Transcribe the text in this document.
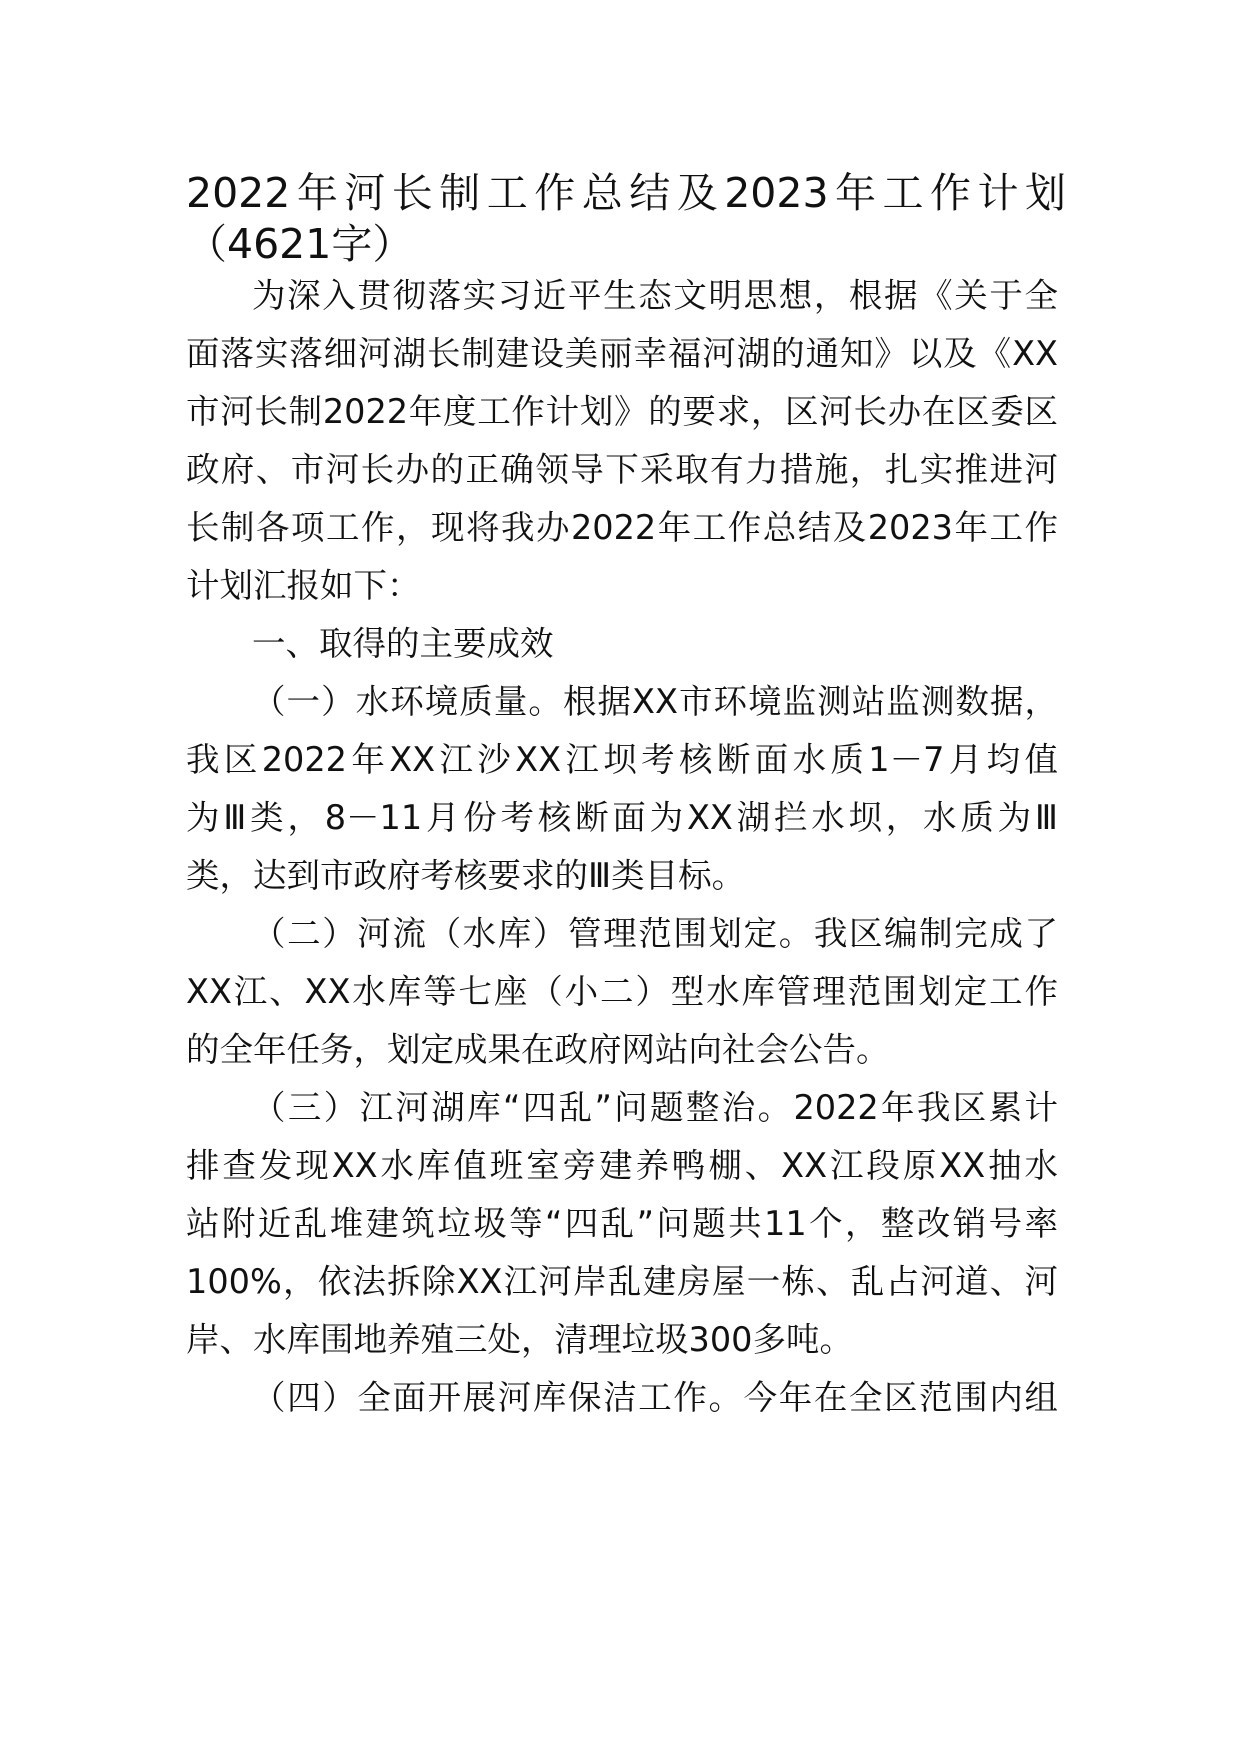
2022年河长制工作总结及2023年工作计划（4621字）
为深入贯彻落实习近平生态文明思想，根据《关于全
面落实落细河湖长制建设美丽幸福河湖的通知》以及《XX
市河长制2022年度工作计划》的要求，区河长办在区委区
政府、市河长办的正确领导下采取有力措施，扎实推进河
长制各项工作，现将我办2022年工作总结及2023年工作
计划汇报如下：
一、取得的主要成效
（一）水环境质量。根据XX市环境监测站监测数据，
我区2022年XX江沙XX江坝考核断面水质1－7月均值
为Ⅲ类，8－11月份考核断面为XX湖拦水坝，水质为Ⅲ
类，达到市政府考核要求的Ⅲ类目标。
（二）河流（水库）管理范围划定。我区编制完成了
XX江、XX水库等七座（小二）型水库管理范围划定工作
的全年任务，划定成果在政府网站向社会公告。
（三）江河湖库“四乱”问题整治。2022年我区累计
排查发现XX水库值班室旁建养鸭棚、XX江段原XX抽水
站附近乱堆建筑垃圾等“四乱”问题共11个，整改销号率
100%，依法拆除XX江河岸乱建房屋一栋、乱占河道、河
岸、水库围地养殖三处，清理垃圾300多吨。
（四）全面开展河库保洁工作。今年在全区范围内组
